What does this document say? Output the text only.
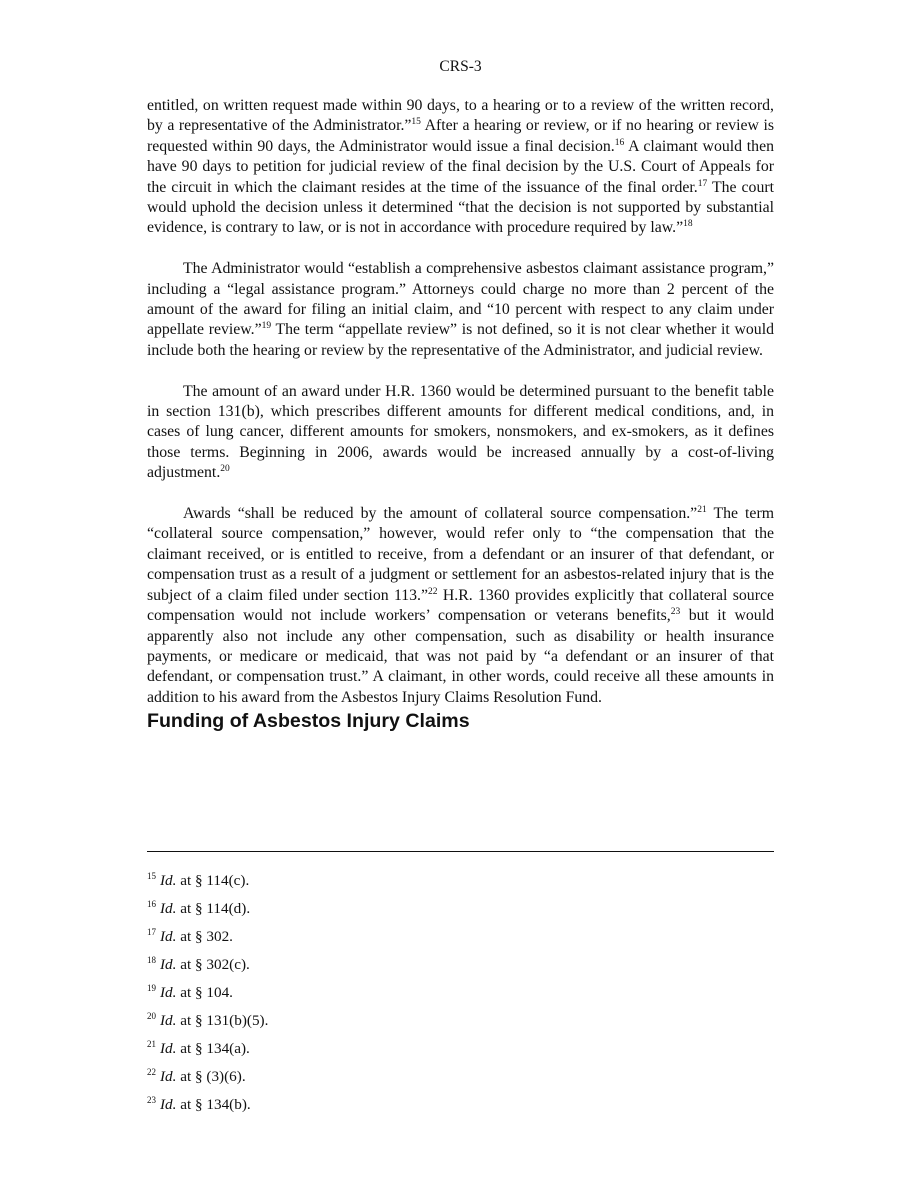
CRS-3

entitled, on written request made within 90 days, to a hearing or to a review of the written record, by a representative of the Administrator.”$^{15}$ After a hearing or review, or if no hearing or review is requested within 90 days, the Administrator would issue a final decision.$^{16}$ A claimant would then have 90 days to petition for judicial review of the final decision by the U.S. Court of Appeals for the circuit in which the claimant resides at the time of the issuance of the final order.$^{17}$ The court would uphold the decision unless it determined “that the decision is not supported by substantial evidence, is contrary to law, or is not in accordance with procedure required by law.”$^{18}$

The Administrator would “establish a comprehensive asbestos claimant assistance program,” including a “legal assistance program.” Attorneys could charge no more than 2 percent of the amount of the award for filing an initial claim, and “10 percent with respect to any claim under appellate review.”$^{19}$ The term “appellate review” is not defined, so it is not clear whether it would include both the hearing or review by the representative of the Administrator, and judicial review.

The amount of an award under H.R. 1360 would be determined pursuant to the benefit table in section 131(b), which prescribes different amounts for different medical conditions, and, in cases of lung cancer, different amounts for smokers, nonsmokers, and ex-smokers, as it defines those terms. Beginning in 2006, awards would be increased annually by a cost-of-living adjustment.$^{20}$

Awards “shall be reduced by the amount of collateral source compensation.”$^{21}$ The term “collateral source compensation,” however, would refer only to “the compensation that the claimant received, or is entitled to receive, from a defendant or an insurer of that defendant, or compensation trust as a result of a judgment or settlement for an asbestos-related injury that is the subject of a claim filed under section 113.”$^{22}$ H.R. 1360 provides explicitly that collateral source compensation would not include workers’ compensation or veterans benefits,$^{23}$ but it would apparently also not include any other compensation, such as disability or health insurance payments, or medicare or medicaid, that was not paid by “a defendant or an insurer of that defendant, or compensation trust.” A claimant, in other words, could receive all these amounts in addition to his award from the Asbestos Injury Claims Resolution Fund.

Funding of Asbestos Injury Claims
$^{15}$ Id. at § 114(c).
$^{16}$ Id. at § 114(d).
$^{17}$ Id. at § 302.
$^{18}$ Id. at § 302(c).
$^{19}$ Id. at § 104.
$^{20}$ Id. at § 131(b)(5).
$^{21}$ Id. at § 134(a).
$^{22}$ Id. at § (3)(6).
$^{23}$ Id. at § 134(b).
